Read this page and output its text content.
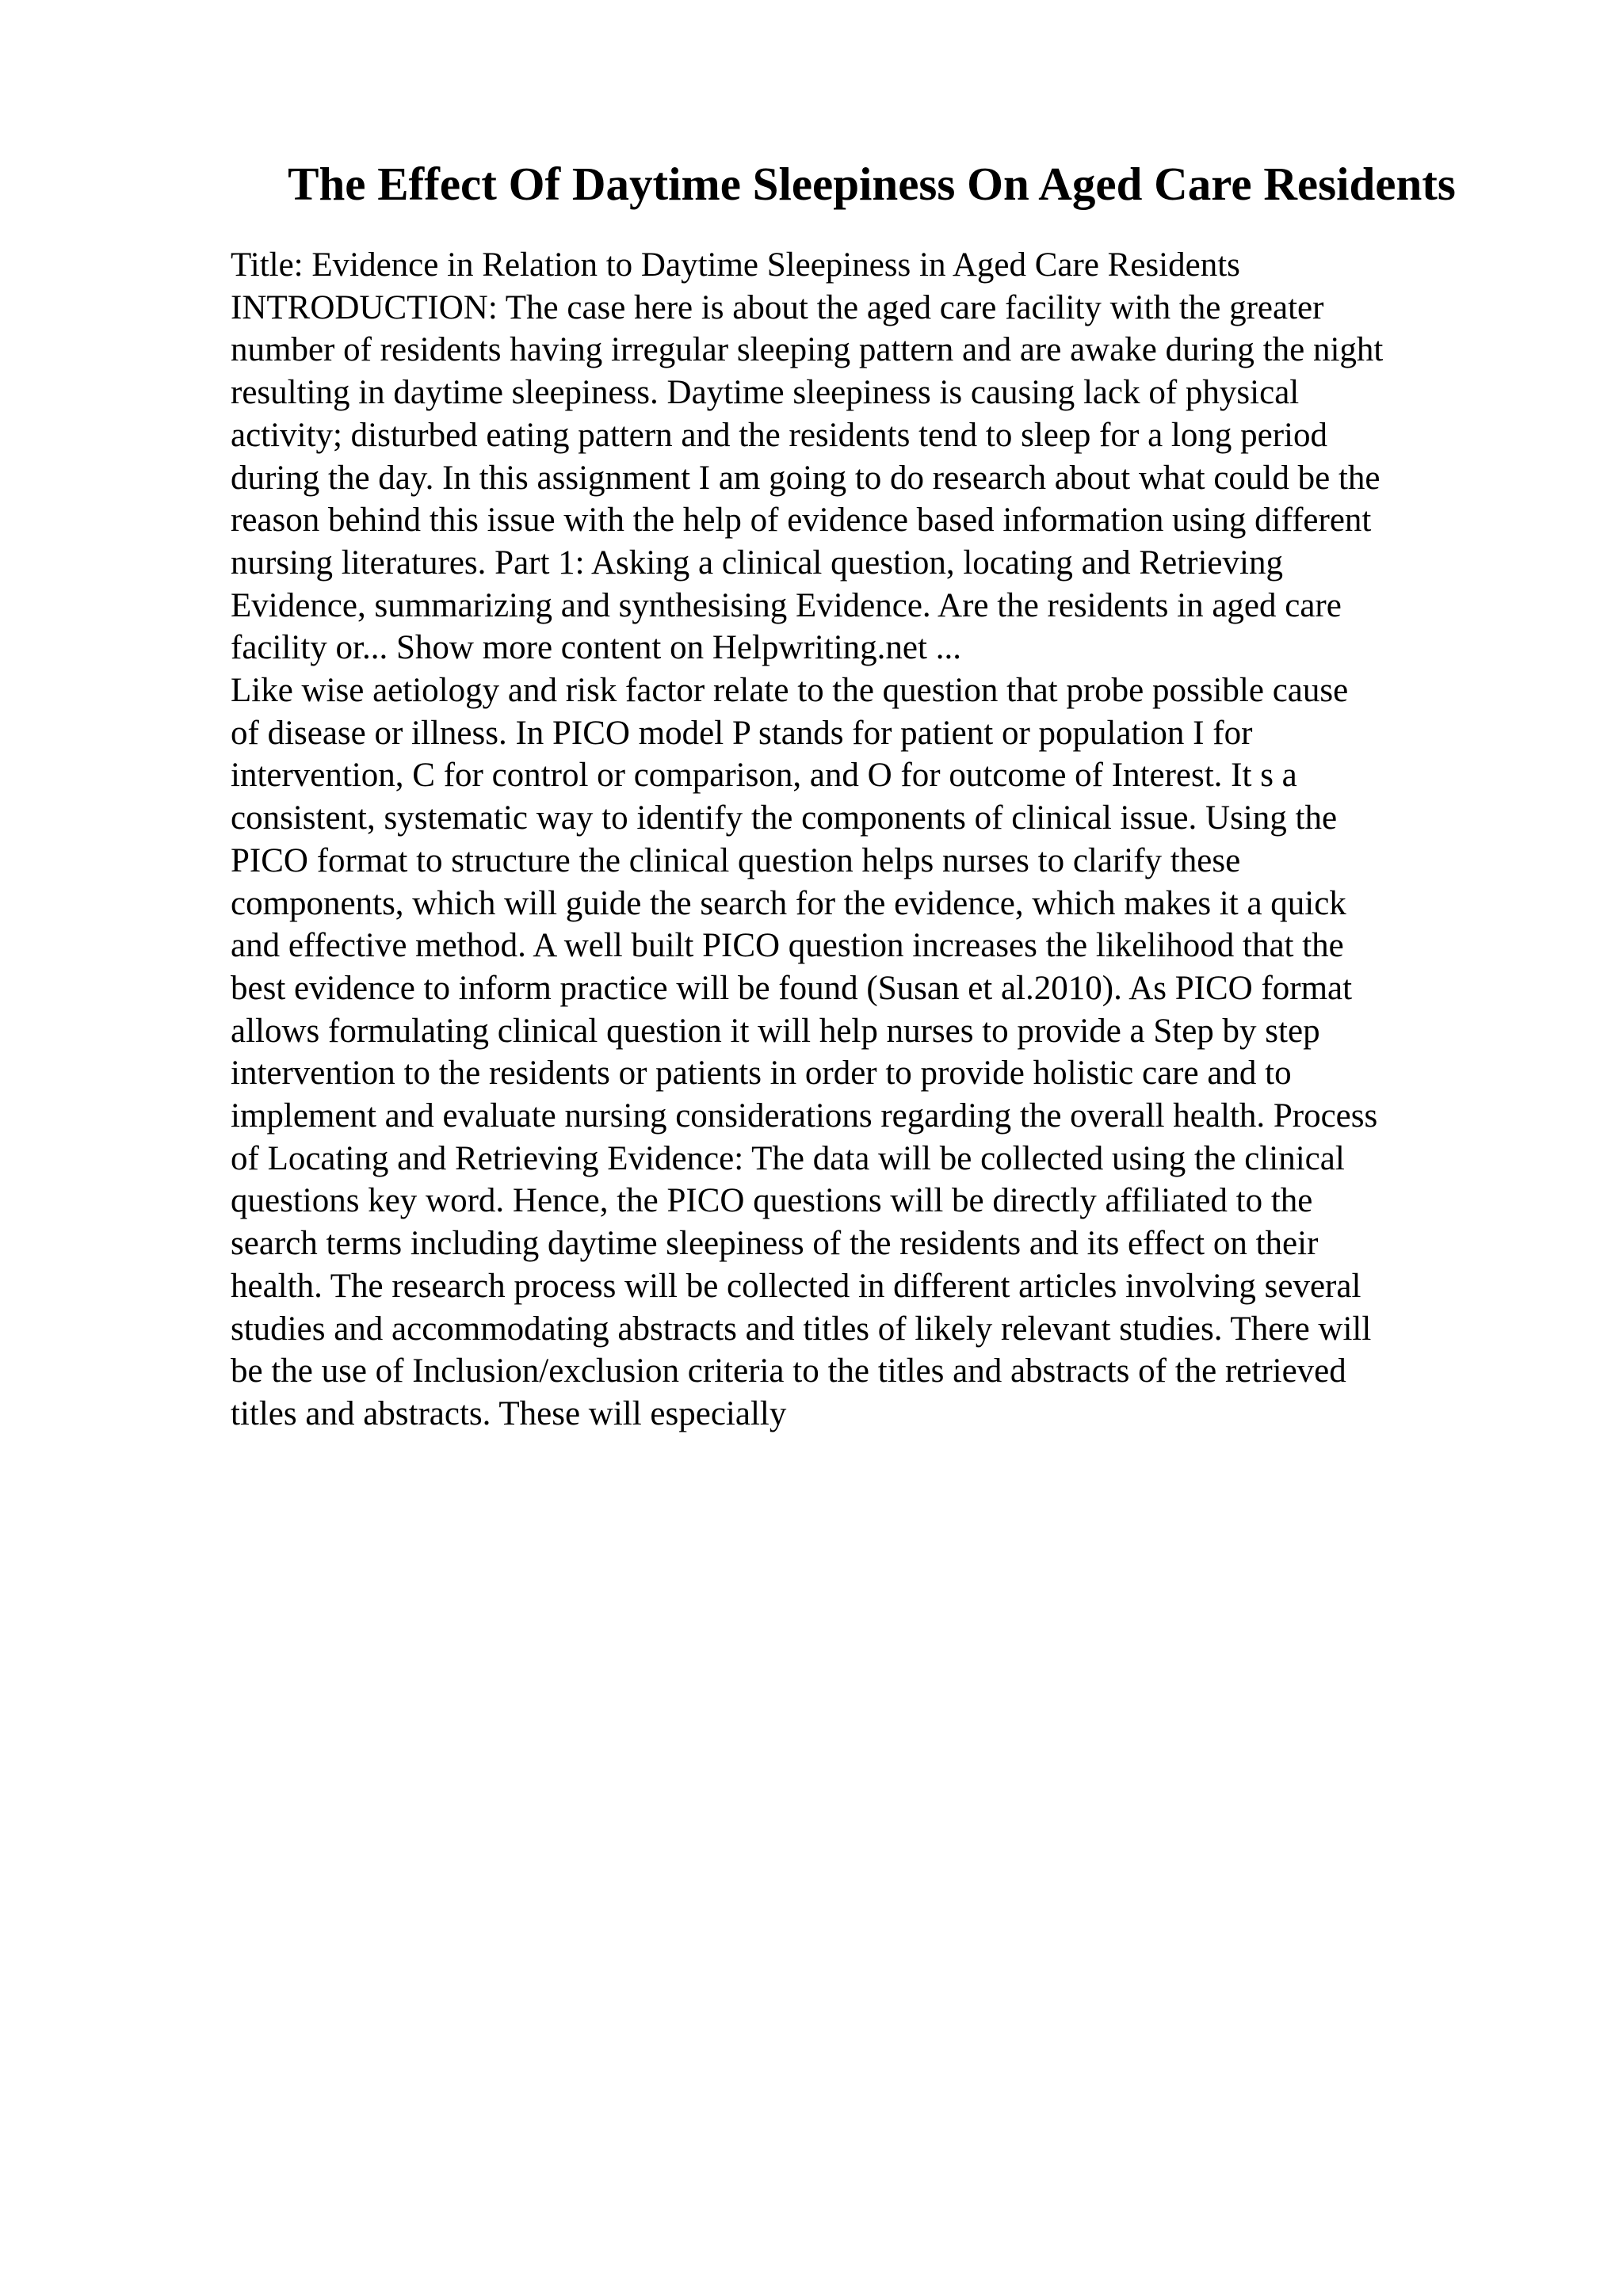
The Effect Of Daytime Sleepiness On Aged Care Residents
Title: Evidence in Relation to Daytime Sleepiness in Aged Care Residents
INTRODUCTION: The case here is about the aged care facility with the greater
number of residents having irregular sleeping pattern and are awake during the night
resulting in daytime sleepiness. Daytime sleepiness is causing lack of physical
activity; disturbed eating pattern and the residents tend to sleep for a long period
during the day. In this assignment I am going to do research about what could be the
reason behind this issue with the help of evidence based information using different
nursing literatures. Part 1: Asking a clinical question, locating and Retrieving
Evidence, summarizing and synthesising Evidence. Are the residents in aged care
facility or... Show more content on Helpwriting.net ...
Like wise aetiology and risk factor relate to the question that probe possible cause
of disease or illness. In PICO model P stands for patient or population I for
intervention, C for control or comparison, and O for outcome of Interest. It s a
consistent, systematic way to identify the components of clinical issue. Using the
PICO format to structure the clinical question helps nurses to clarify these
components, which will guide the search for the evidence, which makes it a quick
and effective method. A well built PICO question increases the likelihood that the
best evidence to inform practice will be found (Susan et al.2010). As PICO format
allows formulating clinical question it will help nurses to provide a Step by step
intervention to the residents or patients in order to provide holistic care and to
implement and evaluate nursing considerations regarding the overall health. Process
of Locating and Retrieving Evidence: The data will be collected using the clinical
questions key word. Hence, the PICO questions will be directly affiliated to the
search terms including daytime sleepiness of the residents and its effect on their
health. The research process will be collected in different articles involving several
studies and accommodating abstracts and titles of likely relevant studies. There will
be the use of Inclusion/exclusion criteria to the titles and abstracts of the retrieved
titles and abstracts. These will especially
